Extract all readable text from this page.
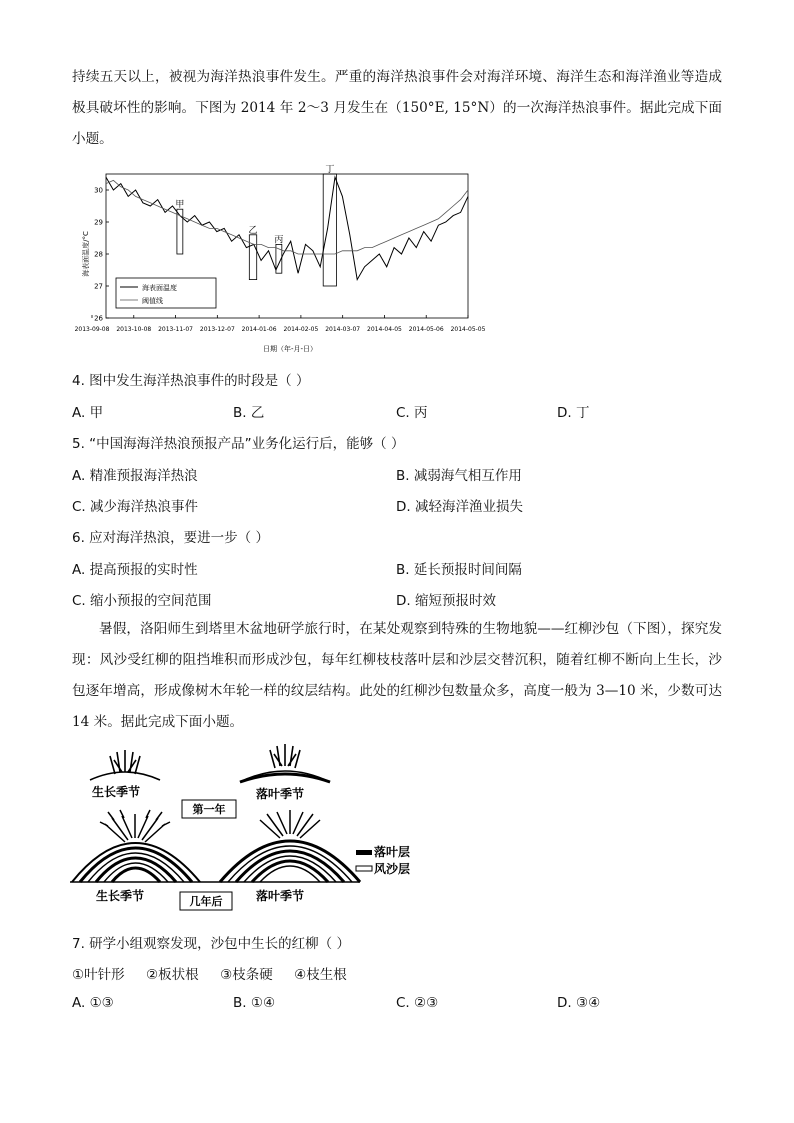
持续五天以上，被视为海洋热浪事件发生。严重的海洋热浪事件会对海洋环境、海洋生态和海洋渔业等造成极具破坏性的影响。下图为 2014 年 2～3 月发生在（150°E, 15°N）的一次海洋热浪事件。据此完成下面小题。

30
29
28
27
26
2013-09-08 2013-10-08 2013-11-07 2013-12-07 2014-01-06 2014-02-05 2014-03-07 2014-04-05 2014-05-06 2014-05-05
甲
乙
丙
丁
海表面温度/°C
日期（年-月-日）
海表面温度
阈值线

4. 图中发生海洋热浪事件的时段是（ ）

A. 甲	B. 乙	C. 丙	D. 丁

5. “中国海海洋热浪预报产品”业务化运行后，能够（ ）

A. 精准预报海洋热浪	B. 减弱海气相互作用

C. 减少海洋热浪事件	D. 减轻海洋渔业损失

6. 应对海洋热浪，要进一步（ ）

A. 提高预报的实时性	B. 延长预报时间间隔

C. 缩小预报的空间范围	D. 缩短预报时效

暑假，洛阳师生到塔里木盆地研学旅行时，在某处观察到特殊的生物地貌——红柳沙包（下图），探究发现：风沙受红柳的阻挡堆积而形成沙包，每年红柳枝枝落叶层和沙层交替沉积，随着红柳不断向上生长，沙包逐年增高，形成像树木年轮一样的纹层结构。此处的红柳沙包数量众多，高度一般为 3—10 米，少数可达 14 米。据此完成下面小题。

生长季节	落叶季节
第一年
生长季节	落叶季节
几年后
落叶层
风沙层

7. 研学小组观察发现，沙包中生长的红柳（ ）

①叶针形     ②板状根     ③枝条硬     ④枝生根

A. ①③	B. ①④	C. ②③	D. ③④
